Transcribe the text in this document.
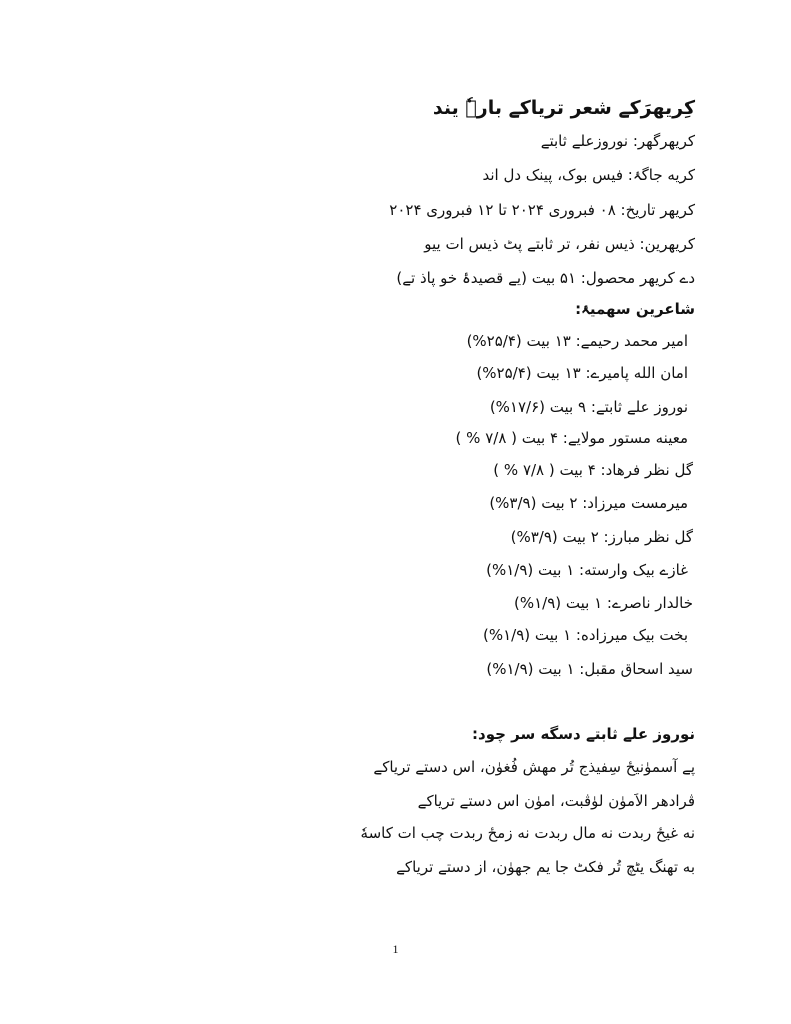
کِریهرَکے شعر ترياکے بارہٗ یند
کریهرگهر: نوروزعلے ثابتے
کریه جاگۂ: فیس بوک، پینک دل اند
کریهر تاریخ: ۰۸ فبروری ۲۰۲۴ تا ۱۲ فبروری ۲۰۲۴
کریهرین: ذیس نفر، تر ثابتے پٹ ذیس ات ییو
دے کریهر محصول: ۵۱ بیت (یے قصیدۂ خو پاذ تے)
شاعرین سهمیۂ:
امیر محمد رحیمے: ۱۳ بیت (۲۵/۴%)
امان الله پامیرے: ۱۳ بیت (۲۵/۴%)
نوروز علے ثابتے: ۹ بیت (۱۷/۶%)
معینه مستور مولایے: ۴ بیت ( ۷/۸ % )
گل نظر فرهاد: ۴ بیت ( ۷/۸ % )
میرمست میرزاد: ۲ بیت (۳/۹%)
گل نظر مبارز: ۲ بیت (۳/۹%)
غازے بیک وارسته: ۱ بیت (۱/۹%)
خالدار ناصرے: ۱ بیت (۱/۹%)
بخت بیک میرزاده: ۱ بیت (۱/۹%)
سید اسحاق مقبل: ۱ بیت (۱/۹%)
نوروز علے ثابتے دسگه سر چود:
پے آسمۈنیځ سِفیذج تُر مهش فُغۈن، اس دستے ترياکے
ڤرادهر الاَمۈن لۈڤبت، امۈن اس دستے ترياکے
نه غیځ ربدت نه مال ربدت نه زمځ ربدت چب ات کاسهٗ
به تهنگ یٹچ تُر فکٹ جا یم جهۈن، از دستے ترياکے
1
